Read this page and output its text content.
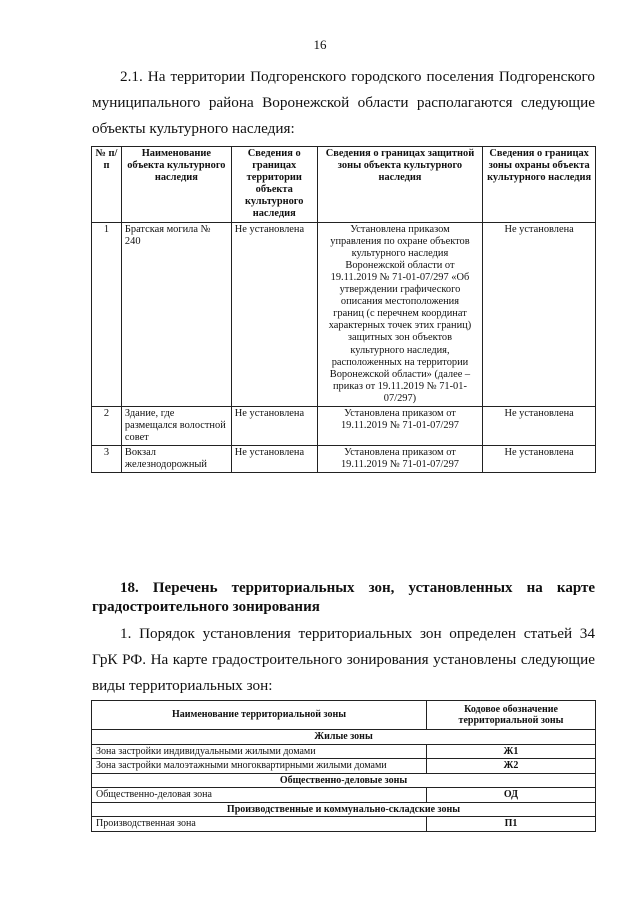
16
2.1. На территории Подгоренского городского поселения Подгоренского
муниципального района Воронежской области располагаются следующие
объекты культурного наследия:
№ п/п	Наименование объекта культурного наследия	Сведения о границах территории объекта культурного наследия	Сведения о границах защитной зоны объекта культурного наследия	Сведения о границах зоны охраны объекта культурного наследия
1	Братская могила № 240	Не установлена	Установлена приказом управления по охране объектов культурного наследия Воронежской области от 19.11.2019 № 71-01-07/297 «Об утверждении графического описания местоположения границ (с перечнем координат характерных точек этих границ) защитных зон объектов культурного наследия, расположенных на территории Воронежской области» (далее – приказ от 19.11.2019 № 71-01-07/297)	Не установлена
2	Здание, где размещался волостной совет	Не установлена	Установлена приказом от 19.11.2019 № 71-01-07/297	Не установлена
3	Вокзал железнодорожный	Не установлена	Установлена приказом от 19.11.2019 № 71-01-07/297	Не установлена
18. Перечень территориальных зон, установленных на карте
градостроительного зонирования
1. Порядок установления территориальных зон определен статьей 34
ГрК РФ. На карте градостроительного зонирования установлены следующие
виды территориальных зон:
Наименование территориальной зоны	Кодовое обозначение территориальной зоны
Жилые зоны	
Зона застройки индивидуальными жилыми домами	Ж1
Зона застройки малоэтажными многоквартирными жилыми домами	Ж2
Общественно-деловые зоны	
Общественно-деловая зона	ОД
Производственные и коммунально-складские зоны	
Производственная зона	П1
